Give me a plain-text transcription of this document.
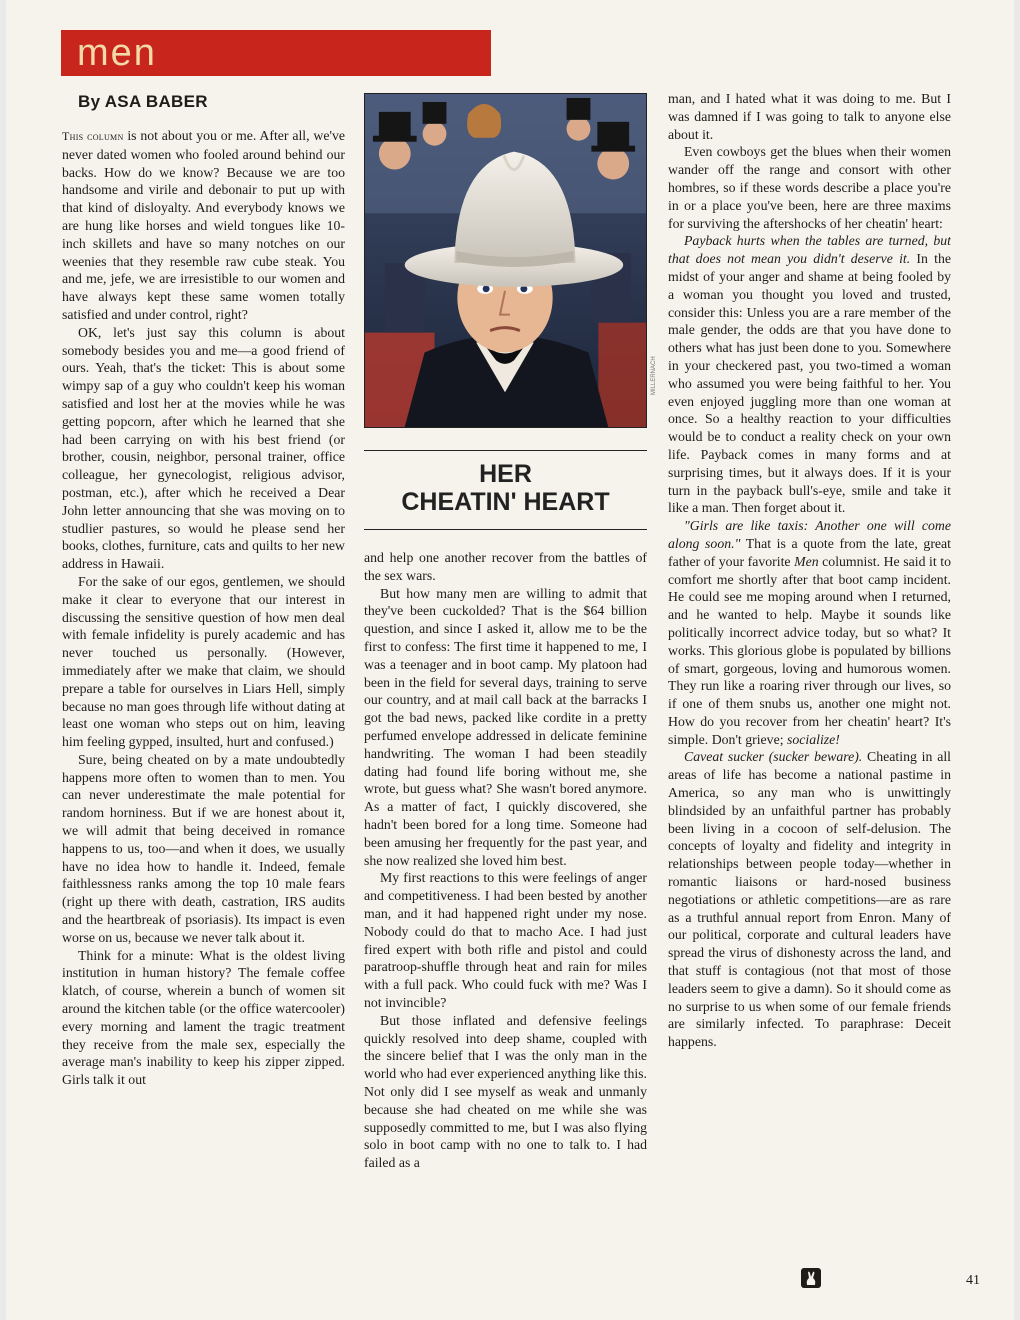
men
By ASA BABER

This column is not about you or me. After all, we've never dated women who fooled around behind our backs. How do we know? Because we are too handsome and virile and debonair to put up with that kind of disloyalty. And everybody knows we are hung like horses and wield tongues like 10-inch skillets and have so many notches on our weenies that they resemble raw cube steak. You and me, jefe, we are irresistible to our women and have always kept these same women totally satisfied and under control, right?

OK, let's just say this column is about somebody besides you and me—a good friend of ours. Yeah, that's the ticket: This is about some wimpy sap of a guy who couldn't keep his woman satisfied and lost her at the movies while he was getting popcorn, after which he learned that she had been carrying on with his best friend (or brother, cousin, neighbor, personal trainer, office colleague, her gynecologist, religious advisor, postman, etc.), after which he received a Dear John letter announcing that she was moving on to studlier pastures, so would he please send her books, clothes, furniture, cats and quilts to her new address in Hawaii.

For the sake of our egos, gentlemen, we should make it clear to everyone that our interest in discussing the sensitive question of how men deal with female infidelity is purely academic and has never touched us personally. (However, immediately after we make that claim, we should prepare a table for ourselves in Liars Hell, simply because no man goes through life without dating at least one woman who steps out on him, leaving him feeling gypped, insulted, hurt and confused.)

Sure, being cheated on by a mate undoubtedly happens more often to women than to men. You can never underestimate the male potential for random horniness. But if we are honest about it, we will admit that being deceived in romance happens to us, too—and when it does, we usually have no idea how to handle it. Indeed, female faithlessness ranks among the top 10 male fears (right up there with death, castration, IRS audits and the heartbreak of psoriasis). Its impact is even worse on us, because we never talk about it.

Think for a minute: What is the oldest living institution in human history? The female coffee klatch, of course, wherein a bunch of women sit around the kitchen table (or the office watercooler) every morning and lament the tragic treatment they receive from the male sex, especially the average man's inability to keep his zipper zipped. Girls talk it out

MILLERNACH
HER
CHEATIN' HEART

and help one another recover from the battles of the sex wars.

But how many men are willing to admit that they've been cuckolded? That is the $64 billion question, and since I asked it, allow me to be the first to confess: The first time it happened to me, I was a teenager and in boot camp. My platoon had been in the field for several days, training to serve our country, and at mail call back at the barracks I got the bad news, packed like cordite in a pretty perfumed envelope addressed in delicate feminine handwriting. The woman I had been steadily dating had found life boring without me, she wrote, but guess what? She wasn't bored anymore. As a matter of fact, I quickly discovered, she hadn't been bored for a long time. Someone had been amusing her frequently for the past year, and she now realized she loved him best.

My first reactions to this were feelings of anger and competitiveness. I had been bested by another man, and it had happened right under my nose. Nobody could do that to macho Ace. I had just fired expert with both rifle and pistol and could paratroop-shuffle through heat and rain for miles with a full pack. Who could fuck with me? Was I not invincible?

But those inflated and defensive feelings quickly resolved into deep shame, coupled with the sincere belief that I was the only man in the world who had ever experienced anything like this. Not only did I see myself as weak and unmanly because she had cheated on me while she was supposedly committed to me, but I was also flying solo in boot camp with no one to talk to. I had failed as a

man, and I hated what it was doing to me. But I was damned if I was going to talk to anyone else about it.

Even cowboys get the blues when their women wander off the range and consort with other hombres, so if these words describe a place you're in or a place you've been, here are three maxims for surviving the aftershocks of her cheatin' heart:

Payback hurts when the tables are turned, but that does not mean you didn't deserve it. In the midst of your anger and shame at being fooled by a woman you thought you loved and trusted, consider this: Unless you are a rare member of the male gender, the odds are that you have done to others what has just been done to you. Somewhere in your checkered past, you two-timed a woman who assumed you were being faithful to her. You even enjoyed juggling more than one woman at once. So a healthy reaction to your difficulties would be to conduct a reality check on your own life. Payback comes in many forms and at surprising times, but it always does. If it is your turn in the payback bull's-eye, smile and take it like a man. Then forget about it.

"Girls are like taxis: Another one will come along soon." That is a quote from the late, great father of your favorite Men columnist. He said it to comfort me shortly after that boot camp incident. He could see me moping around when I returned, and he wanted to help. Maybe it sounds like politically incorrect advice today, but so what? It works. This glorious globe is populated by billions of smart, gorgeous, loving and humorous women. They run like a roaring river through our lives, so if one of them snubs us, another one might not. How do you recover from her cheatin' heart? It's simple. Don't grieve; socialize!

Caveat sucker (sucker beware). Cheating in all areas of life has become a national pastime in America, so any man who is unwittingly blindsided by an unfaithful partner has probably been living in a cocoon of self-delusion. The concepts of loyalty and fidelity and integrity in relationships between people today—whether in romantic liaisons or hard-nosed business negotiations or athletic competitions—are as rare as a truthful annual report from Enron. Many of our political, corporate and cultural leaders have spread the virus of dishonesty across the land, and that stuff is contagious (not that most of those leaders seem to give a damn). So it should come as no surprise to us when some of our female friends are similarly infected. To paraphrase: Deceit happens.

41
